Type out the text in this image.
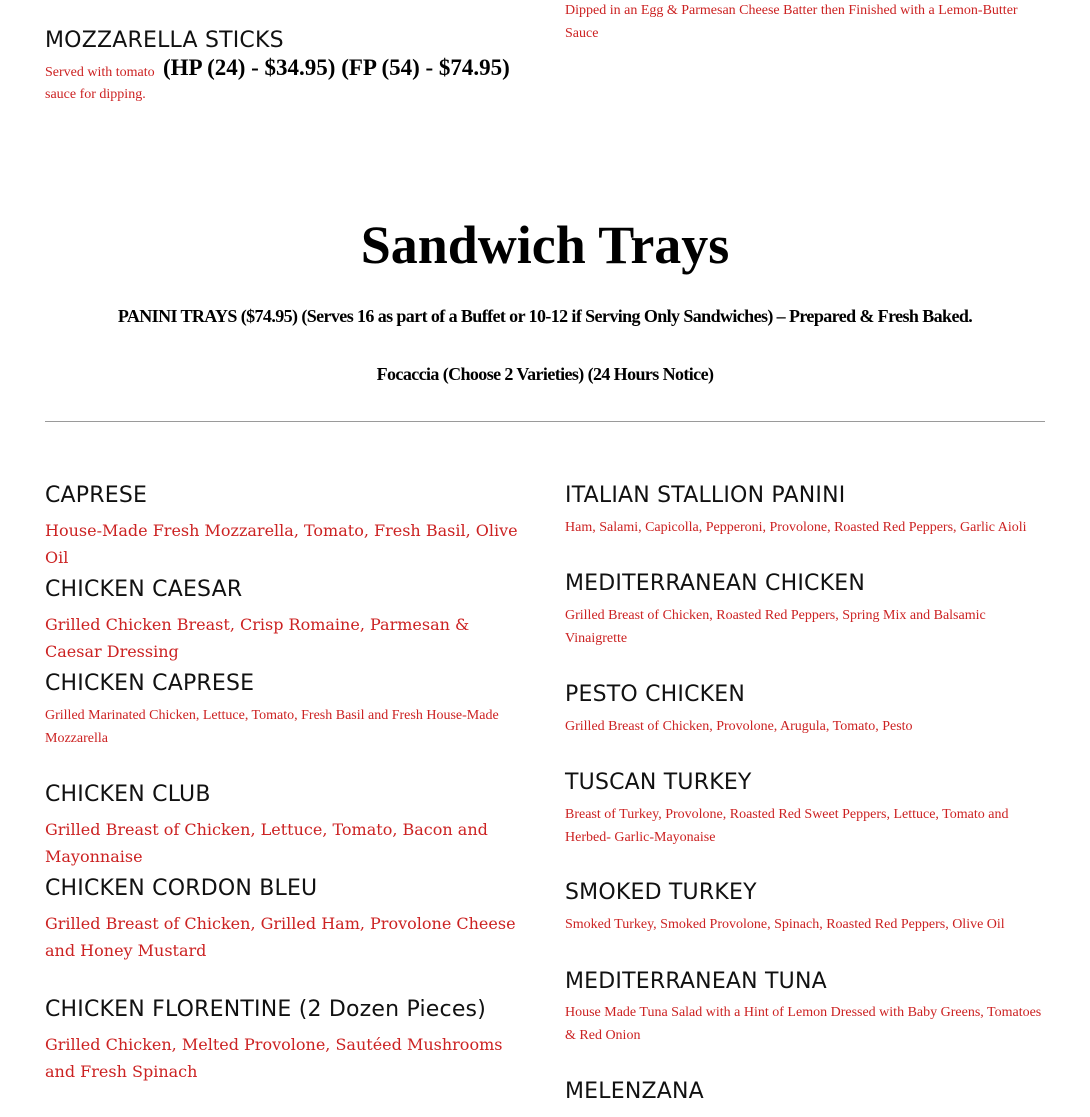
MOZZARELLA STICKS
Served with tomato
sauce for dipping.
(HP (24) - $34.95) (FP (54) - $74.95)
Dipped in an Egg & Parmesan Cheese Batter then Finished with a Lemon-Butter Sauce
Sandwich Trays
PANINI TRAYS ($74.95) (Serves 16 as part of a Buffet or 10-12 if Serving Only Sandwiches) – Prepared & Fresh Baked.
Focaccia (Choose 2 Varieties) (24 Hours Notice)
CAPRESE
House-Made Fresh Mozzarella, Tomato, Fresh Basil, Olive Oil
CHICKEN CAESAR
Grilled Chicken Breast, Crisp Romaine, Parmesan & Caesar Dressing
CHICKEN CAPRESE
Grilled Marinated Chicken, Lettuce, Tomato, Fresh Basil and Fresh House-Made Mozzarella
CHICKEN CLUB
Grilled Breast of Chicken, Lettuce, Tomato, Bacon and Mayonnaise
CHICKEN CORDON BLEU
Grilled Breast of Chicken, Grilled Ham, Provolone Cheese and Honey Mustard
CHICKEN FLORENTINE (2 Dozen Pieces)
Grilled Chicken, Melted Provolone, Sautéed Mushrooms and Fresh Spinach
ITALIAN STALLION PANINI
Ham, Salami, Capicolla, Pepperoni, Provolone, Roasted Red Peppers, Garlic Aioli
MEDITERRANEAN CHICKEN
Grilled Breast of Chicken, Roasted Red Peppers, Spring Mix and Balsamic Vinaigrette
PESTO CHICKEN
Grilled Breast of Chicken, Provolone, Arugula, Tomato, Pesto
TUSCAN TURKEY
Breast of Turkey, Provolone, Roasted Red Sweet Peppers, Lettuce, Tomato and Herbed- Garlic-Mayonaise
SMOKED TURKEY
Smoked Turkey, Smoked Provolone, Spinach, Roasted Red Peppers, Olive Oil
MEDITERRANEAN TUNA
House Made Tuna Salad with a Hint of Lemon Dressed with Baby Greens, Tomatoes & Red Onion
MELENZANA
